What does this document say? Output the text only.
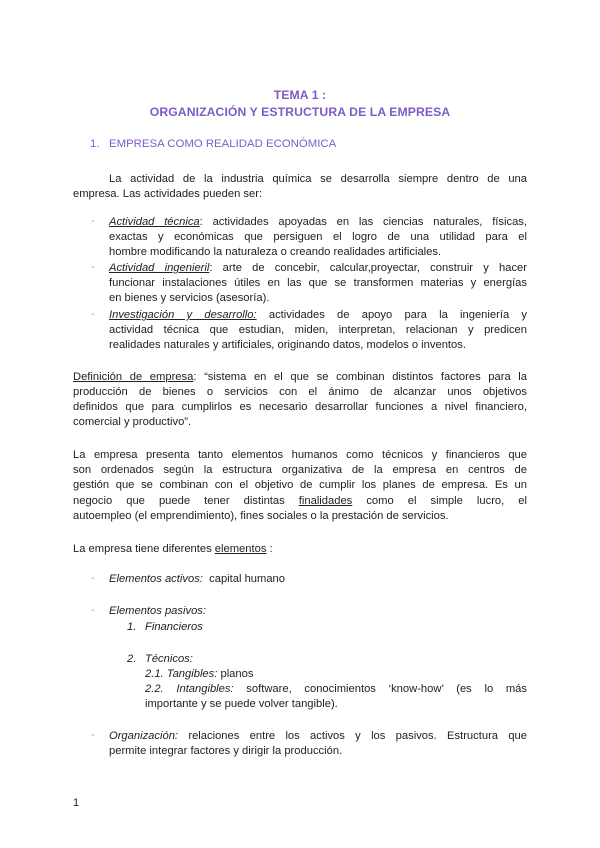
TEMA 1 :
ORGANIZACIÓN Y ESTRUCTURA DE LA EMPRESA
1. EMPRESA COMO REALIDAD ECONÓMICA
La actividad de la industria química se desarrolla siempre dentro de una
empresa. Las actividades pueden ser:
- Actividad técnica: actividades apoyadas en las ciencias naturales, físicas,
exactas y económicas que persiguen el logro de una utilidad para el
hombre modificando la naturaleza o creando realidades artificiales.
- Actividad ingenieril: arte de concebir, calcular,proyectar, construir y hacer
funcionar instalaciones útiles en las que se transformen materias y energías
en bienes y servicios (asesoría).
- Investigación y desarrollo: actividades de apoyo para la ingeniería y
actividad técnica que estudian, miden, interpretan, relacionan y predicen
realidades naturales y artificiales, originando datos, modelos o inventos.
Definición de empresa: “sistema en el que se combinan distintos factores para la
producción de bienes o servicios con el ánimo de alcanzar unos objetivos
definidos que para cumplirlos es necesario desarrollar funciones a nivel financiero,
comercial y productivo”.
La empresa presenta tanto elementos humanos como técnicos y financieros que
son ordenados según la estructura organizativa de la empresa en centros de
gestión que se combinan con el objetivo de cumplir los planes de empresa. Es un
negocio que puede tener distintas finalidades como el simple lucro, el
autoempleo (el emprendimiento), fines sociales o la prestación de servicios.
La empresa tiene diferentes elementos :
- Elementos activos:  capital humano
- Elementos pasivos:
1. Financieros
2. Técnicos:
2.1. Tangibles: planos
2.2. Intangibles: software, conocimientos ‘know-how’ (es lo más
importante y se puede volver tangible).
- Organización: relaciones entre los activos y los pasivos. Estructura que
permite integrar factores y dirigir la producción.
1
